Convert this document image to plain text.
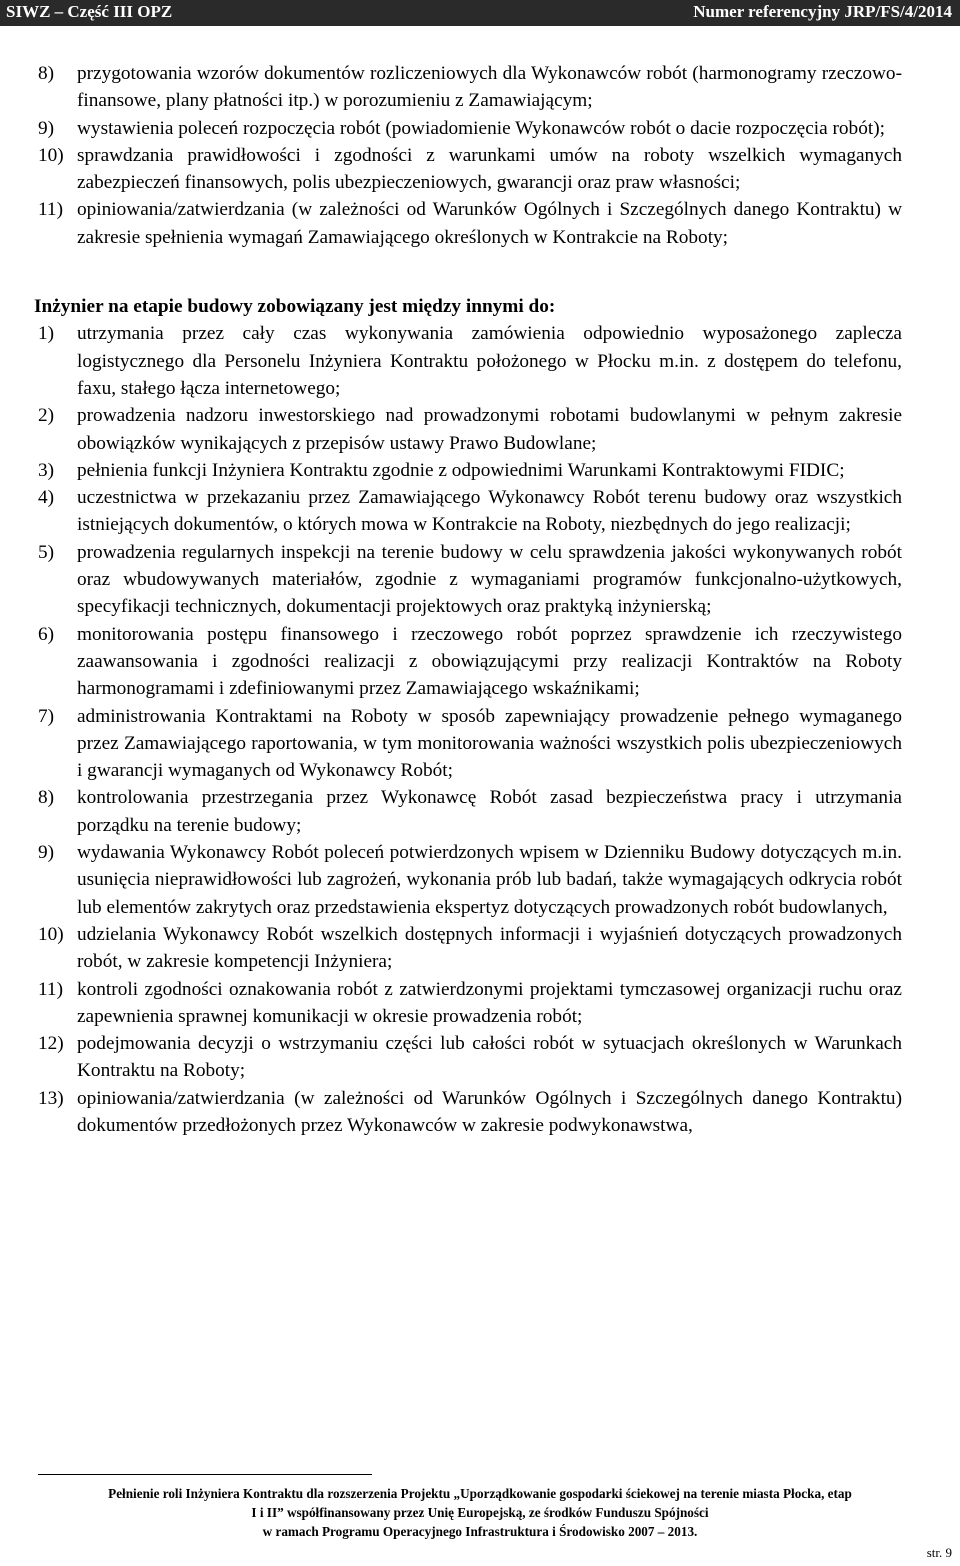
SIWZ – Część III OPZ	Numer referencyjny JRP/FS/4/2014
8) przygotowania wzorów dokumentów rozliczeniowych dla Wykonawców robót (harmonogramy rzeczowo-finansowe, plany płatności itp.) w porozumieniu z Zamawiającym;
9) wystawienia poleceń rozpoczęcia robót (powiadomienie Wykonawców robót o dacie rozpoczęcia robót);
10) sprawdzania prawidłowości i zgodności z warunkami umów na roboty wszelkich wymaganych zabezpieczeń finansowych, polis ubezpieczeniowych, gwarancji oraz praw własności;
11) opiniowania/zatwierdzania (w zależności od Warunków Ogólnych i Szczególnych danego Kontraktu) w zakresie spełnienia wymagań Zamawiającego określonych w Kontrakcie na Roboty;
Inżynier na etapie budowy zobowiązany jest między innymi do:
1) utrzymania przez cały czas wykonywania zamówienia odpowiednio wyposażonego zaplecza logistycznego dla Personelu Inżyniera Kontraktu położonego w Płocku m.in. z dostępem do telefonu, faxu, stałego łącza internetowego;
2) prowadzenia nadzoru inwestorskiego nad prowadzonymi robotami budowlanymi w pełnym zakresie obowiązków wynikających z przepisów ustawy Prawo Budowlane;
3) pełnienia funkcji Inżyniera Kontraktu zgodnie z odpowiednimi Warunkami Kontraktowymi FIDIC;
4) uczestnictwa w przekazaniu przez Zamawiającego Wykonawcy Robót terenu budowy oraz wszystkich istniejących dokumentów, o których mowa w Kontrakcie na Roboty, niezbędnych do jego realizacji;
5) prowadzenia regularnych inspekcji na terenie budowy w celu sprawdzenia jakości wykonywanych robót oraz wbudowywanych materiałów, zgodnie z wymaganiami programów funkcjonalno-użytkowych, specyfikacji technicznych, dokumentacji projektowych oraz praktyką inżynierską;
6) monitorowania postępu finansowego i rzeczowego robót poprzez sprawdzenie ich rzeczywistego zaawansowania i zgodności realizacji z obowiązującymi przy realizacji Kontraktów na Roboty harmonogramami i zdefiniowanymi przez Zamawiającego wskaźnikami;
7) administrowania Kontraktami na Roboty w sposób zapewniający prowadzenie pełnego wymaganego przez Zamawiającego raportowania, w tym monitorowania ważności wszystkich polis ubezpieczeniowych i gwarancji wymaganych od Wykonawcy Robót;
8) kontrolowania przestrzegania przez Wykonawcę Robót zasad bezpieczeństwa pracy i utrzymania porządku na terenie budowy;
9) wydawania Wykonawcy Robót poleceń potwierdzonych wpisem w Dzienniku Budowy dotyczących m.in. usunięcia nieprawidłowości lub zagrożeń, wykonania prób lub badań, także wymagających odkrycia robót lub elementów zakrytych oraz przedstawienia ekspertyz dotyczących prowadzonych robót budowlanych,
10) udzielania Wykonawcy Robót wszelkich dostępnych informacji i wyjaśnień dotyczących prowadzonych robót, w zakresie kompetencji Inżyniera;
11) kontroli zgodności oznakowania robót z zatwierdzonymi projektami tymczasowej organizacji ruchu oraz zapewnienia sprawnej komunikacji w okresie prowadzenia robót;
12) podejmowania decyzji o wstrzymaniu części lub całości robót w sytuacjach określonych w Warunkach Kontraktu na Roboty;
13) opiniowania/zatwierdzania (w zależności od Warunków Ogólnych i Szczególnych danego Kontraktu) dokumentów przedłożonych przez Wykonawców w zakresie podwykonawstwa,
Pełnienie roli Inżyniera Kontraktu dla rozszerzenia Projektu „Uporządkowanie gospodarki ściekowej na terenie miasta Płocka, etap
I i II” współfinansowany przez Unię Europejską, ze środków Funduszu Spójności
w ramach Programu Operacyjnego Infrastruktura i Środowisko 2007 – 2013.
str. 9
